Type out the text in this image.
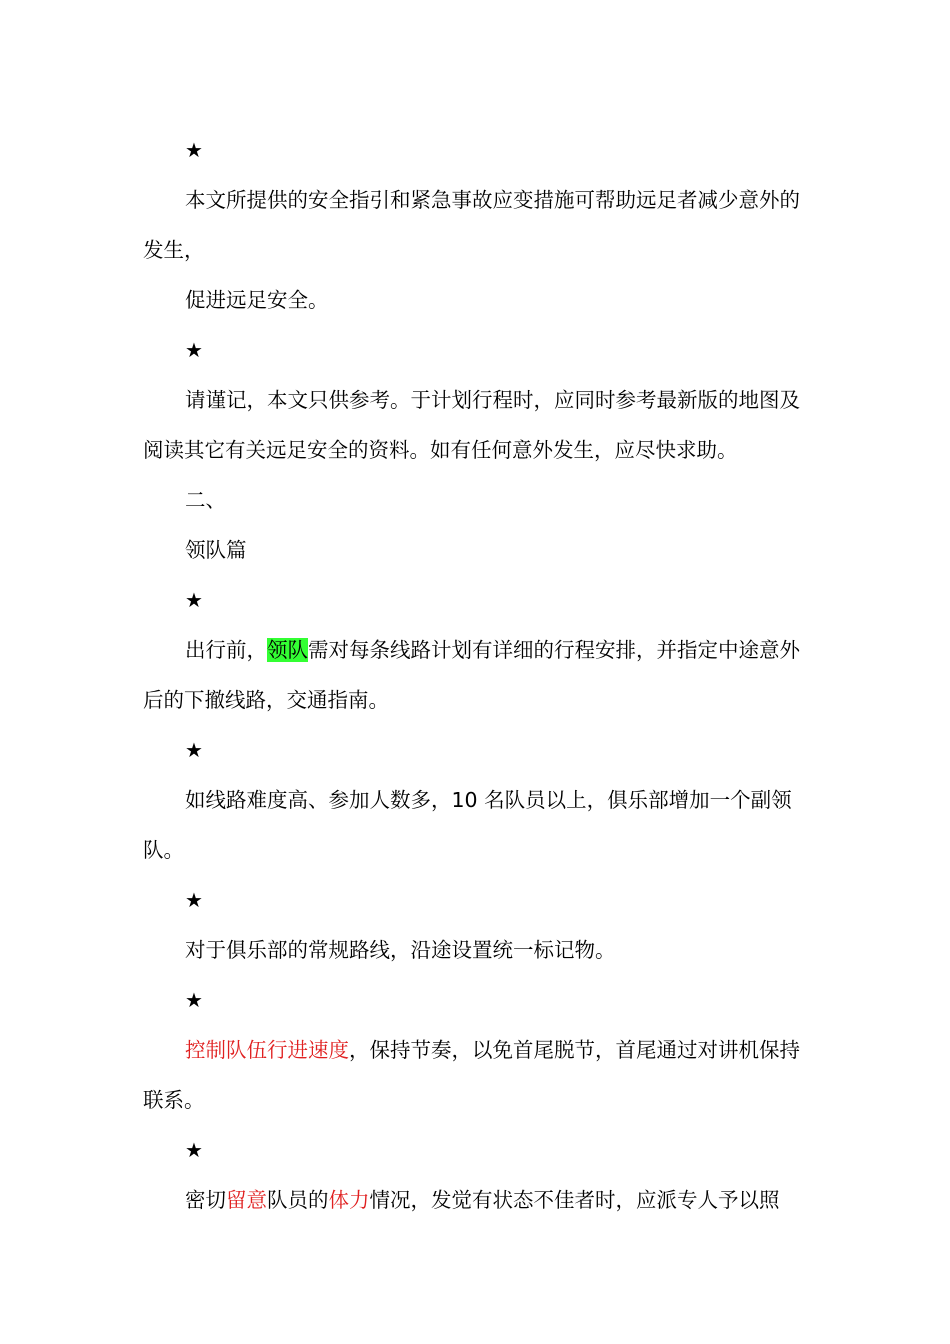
★

本文所提供的安全指引和紧急事故应变措施可帮助远足者减少意外的发生，

促进远足安全。

★

请谨记，本文只供参考。于计划行程时，应同时参考最新版的地图及阅读其它有关远足安全的资料。如有任何意外发生，应尽快求助。

二、

领队篇

★

出行前，领队需对每条线路计划有详细的行程安排，并指定中途意外后的下撤线路，交通指南。

★

如线路难度高、参加人数多，10 名队员以上，俱乐部增加一个副领队。

★

对于俱乐部的常规路线，沿途设置统一标记物。

★

控制队伍行进速度，保持节奏，以免首尾脱节，首尾通过对讲机保持联系。

★

密切留意队员的体力情况，发觉有状态不佳者时，应派专人予以照
